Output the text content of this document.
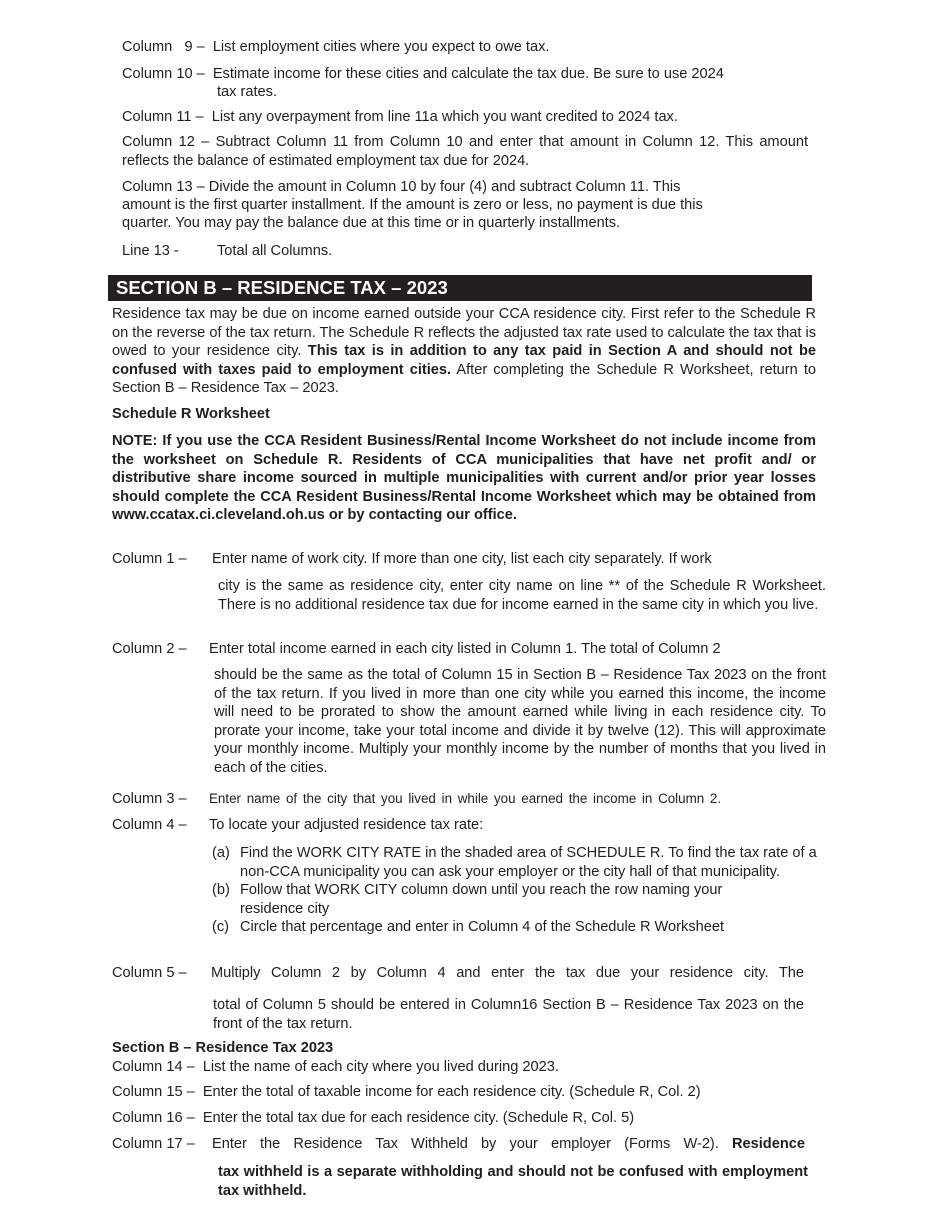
Column   9 – List employment cities where you expect to owe tax.
Column 10 – Estimate income for these cities and calculate the tax due. Be sure to use 2024
tax rates.
Column 11 – List any overpayment from line 11a which you want credited to 2024 tax.
Column 12 – Subtract Column 11 from Column 10 and enter that amount in Column 12. This amount reflects the balance of estimated employment tax due for 2024.
Column 13 – Divide the amount in Column 10 by four (4) and subtract Column 11. This
amount is the first quarter installment. If the amount is zero or less, no payment is due this
quarter. You may pay the balance due at this time or in quarterly installments.
Line 13 -	Total all Columns.
SECTION B – RESIDENCE TAX – 2023
Residence tax may be due on income earned outside your CCA residence city. First refer to the Schedule R on the reverse of the tax return. The Schedule R reflects the adjusted tax rate used to calculate the tax that is owed to your residence city. This tax is in addition to any tax paid in Section A and should not be confused with taxes paid to employment cities. After completing the Schedule R Worksheet, return to Section B – Residence Tax – 2023.
Schedule R Worksheet
NOTE: If you use the CCA Resident Business/Rental Income Worksheet do not include income from the worksheet on Schedule R. Residents of CCA municipalities that have net profit and/ or distributive share income sourced in multiple municipalities with current and/or prior year losses should complete the CCA Resident Business/Rental Income Worksheet which may be obtained from www.ccatax.ci.cleveland.oh.us or by contacting our office.
Column 1 – Enter name of work city. If more than one city, list each city separately. If work
city is the same as residence city, enter city name on line ** of the Schedule R Worksheet. There is no additional residence tax due for income earned in the same city in which you live.
Column 2 – Enter total income earned in each city listed in Column 1. The total of Column 2
should be the same as the total of Column 15 in Section B – Residence Tax 2023 on the front of the tax return. If you lived in more than one city while you earned this income, the income will need to be prorated to show the amount earned while living in each residence city. To prorate your income, take your total income and divide it by twelve (12). This will approximate your monthly income. Multiply your monthly income by the number of months that you lived in each of the cities.
Column 3 – Enter name of the city that you lived in while you earned the income in Column 2.
Column 4 – To locate your adjusted residence tax rate:
(a) Find the WORK CITY RATE in the shaded area of SCHEDULE R. To find the tax rate of a non-CCA municipality you can ask your employer or the city hall of that municipality.
(b) Follow that WORK CITY column down until you reach the row naming your residence city
(c) Circle that percentage and enter in Column 4 of the Schedule R Worksheet
Column 5 – Multiply Column 2 by Column 4 and enter the tax due your residence city. The
total of Column 5 should be entered in Column16 Section B – Residence Tax 2023 on the front of the tax return.
Section B – Residence Tax 2023
Column 14 – List the name of each city where you lived during 2023.
Column 15 – Enter the total of taxable income for each residence city. (Schedule R, Col. 2)
Column 16 – Enter the total tax due for each residence city. (Schedule R, Col. 5)
Column 17 – Enter the Residence Tax Withheld by your employer (Forms W-2). Residence
tax withheld is a separate withholding and should not be confused with employment tax withheld.
